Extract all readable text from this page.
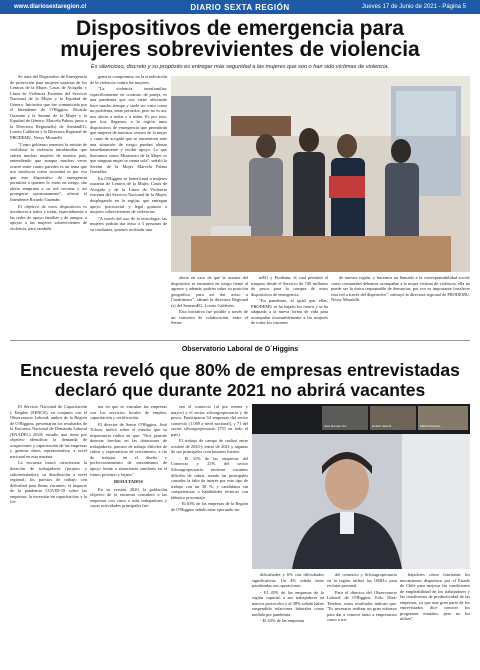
www.diariosextaregion.cl	DIARIO SEXTA REGIÓN	Jueves 17 de Junio de 2021 - Página 5
Dispositivos de emergencia para
mujeres sobrevivientes de violencia
Es silencioso, discreto y su propósito es entregar más seguridad a las mujeres que son o han sido víctimas de violencia.

Se trata del Dispositivo de Emergencia de protección para mujeres usuarias de los Centros de la Mujer, Casas de Acogida, y Línea de Violencia Extrema del Servicio Nacional de la Mujer y la Equidad de Género. Iniciativa que fue comunicada por el Intendente de O'Higgins, Ricardo Guzmán y la Seremi de la Mujer y la Equidad de Género, Marcela Palma, junto a la Directora Regional(s) de SernamEG, Loreto Calderón y la Directora Regional de PRODEMU, Nessy Moratelli.

"Como gobierno tenemos la misión de visibilizar la violencia intrafamiliar que sufren muchas mujeres de nuestro país, entendiendo que aunque muchas veces ocurre entre cuatro paredes es un tema que nos involucra como sociedad es por eso que este dispositivo de emergencia permitirá a quienes lo estén en riesgo, dar alerta temprana a su red cercana y así protegerse oportunamente", afirmó el Intendente Ricardo Guzmán.

El objetivo de estos dispositivos es involucrar a todos y todas, especialmente a las redes de apoyo familiar y de amigos, a apoyar a las mujeres sobrevivientes de violencia, pero también

generar compromiso en la erradicación de la violencia contra las mujeres.

"La violencia intrafamiliar, específicamente en contexto de pareja, es una pandemia que nos viene afectando hace mucho tiempo y suele ser visto como un problema, entre privados, pero no es así, nos afecta a todos y a todas. Es por esto, que hoy llegamos a la región unos dispositivos de emergencia que permitirán que mujeres de nuestros centros de la mujer y casas de acogida que se encuentren ante una situación de riesgo puedan alertar inmediatamente y recibir apoyo. Lo que buscamos como Ministerio de la Mujer es que ninguna mujer se sienta sola", señaló la Seremi de la Mujer Marcela Palma González.

En O'Higgins se beneficiará a mujeres usuarias de Centros de la Mujer, Casas de Acogida y de la Línea de Violencia extrema del Servicio Nacional de la Mujer, desplegando en la región, que entregan apoyo psicosocial y legal gratuito a mujeres sobrevivientes de violencias.

"A través del uso de la tecnología, las mujeres podrán dar aviso a 3 personas de su confianza, quienes recibirán una

alerta en caso de que la usuaria del dispositivo se encuentre en riesgo frente al agresor y además podrán saber su posición geográfica, para así dar aviso a Carabineros", afirmó la directora Regional (s) del SernamEG, Loreto Calderón.

Esta iniciativa fue posible a través de un convenio de colaboración, entre el Serna-

mEG y Prodemu, el cual permitió el traspaso desde el Servicio de 740 millones de pesos para la compra de estos dispositivos de emergencia.

"En pandemia, al igual que ellas, PRODEMU se ha bajado los frenos y se ha adaptado a la nueva forma de vida para acompañar incansablemente a las mujeres de todos los rincones

de nuestra región, y hacemos un llamado a la corresponsabilidad social, como comunidad debemos acompañar a la mujer víctima de violencia, ella no puede ser la única responsable de denunciar, por eso es importante fortalecer esta red a través del dispositivo", subrayó la directora regional de PRODEMU, Nessy Moratelli.

Observatorio Laboral de O´Higgins
Encuesta reveló que 80% de empresas entrevistadas
declaró que durante 2021 no abrirá vacantes

El Servicio Nacional de Capacitación y Empleo (SENCE), en conjunto con el Observatorio Laboral, ambos de la Región de O'Higgins, presentaron los resultados de la Encuesta Nacional de Demanda Laboral (ENADEL) 2020; estudio que tiene por objetivo identificar la demanda de ocupaciones y capacitación de las empresas y generar datos representativos a nivel nacional en esta materia.

La encuesta buscó caracterizar la dotación de trabajadores (propios y subcontratados); su distribución a nivel regional; los puestos de trabajo con dificultad para llenar vacantes; el impacto de la pandemia COVID-19 sobre las empresas; la inversión en capacitación; y la for-

ma en que se vinculan las empresas con los servicios locales de empleo, capacitación y certificación.

El director de Sence O'Higgins, José Toloza, indicó sobre el estudio que su importancia radica en que: "Nos permite detectar brechas en las dotaciones de trabajadores, puestos de trabajo difíciles de cubrir y expectativas de crecimiento, a fin de trabajar en el diseño y perfeccionamiento de mecanismos de apoyo frente a situaciones similares en el futuro próximo y lejano".

RESULTADOS

En su versión 2020, la población objetivo de la encuesta consideró a las empresas con cinco o más trabajadores y cuyas actividades principales fue-

sen el comercio (al por menor y mayor) y el sector silvoagropecuario y de pesca. Participaron 54 empresas del sector comercio (1.069 a nivel nacional), y 71 del sector silvoagropecuario (755 en todo el país).

El trabajo de campo de realizó entre octubre de 2020 y enero de 2021 y algunas de sus principales conclusiones fueron:

- El 31% de las empresas del Comercio y 25% del sector Silvoagropecuario tuvieron vacantes difíciles de cubrir, siendo las principales causales la falta de interés por este tipo de trabajo con un 38 %; y candidatos sin competencias o habilidades técnicas con idéntico porcentaje.

- El 63% de las empresas de la Región de O'Higgins señaló estar operando sin

José Roman Tol...	Robert Jara M...	Maria Cordova...

dificultades y 6% con dificultades significativas. Un 4% señala tener paralizadas sus operaciones.

- El 45% de las empresas de la región capacitó a sus trabajadores en nuevos protocolos y el 38% señaló haber suspendido relaciones laborales como medida por pandemia.

- El 43% de las empresas

del comercio y Silvoagropecuario en la región utilizó las OMILs para reclutar personal.

Para el director del Observatorio Laboral de O'Higgins, Eolo Díaz-Tendero, estos resultados indican que: "Es necesario realizar un gran esfuerzo para dar a conocer tanto a empresarios como a tra-

bajadores cómo funcionan los mecanismos dispuestos por el Estado de Chile para mejorar las condiciones de empleabilidad de los trabajadores y las condiciones de productividad de las empresas, ya que una gran parte de los entrevistados dice conocer los programas estatales, pero no los utiliza".
